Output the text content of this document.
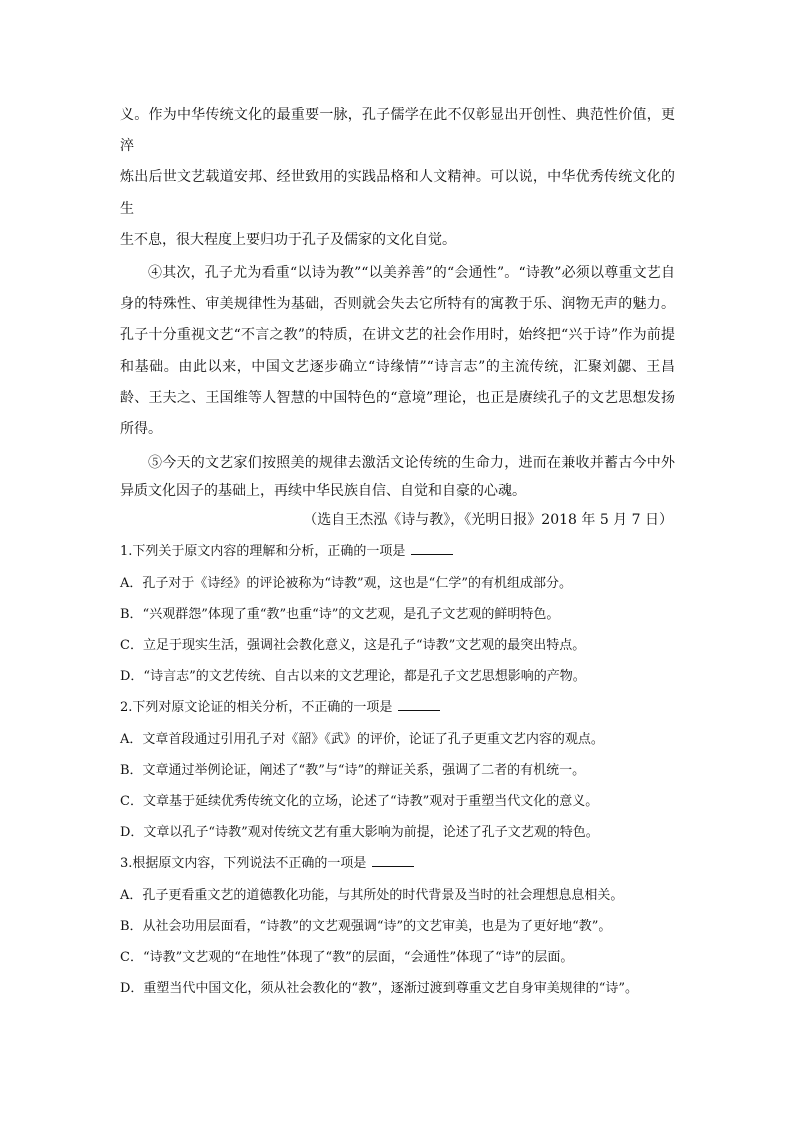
义。作为中华传统文化的最重要一脉，孔子儒学在此不仅彰显出开创性、典范性价值，更淬
炼出后世文艺载道安邦、经世致用的实践品格和人文精神。可以说，中华优秀传统文化的生
生不息，很大程度上要归功于孔子及儒家的文化自觉。

④其次，孔子尤为看重“以诗为教”“以美养善”的“会通性”。“诗教”必须以尊重文艺自身的特殊性、审美规律性为基础，否则就会失去它所特有的寓教于乐、润物无声的魅力。孔子十分重视文艺“不言之教”的特质，在讲文艺的社会作用时，始终把“兴于诗”作为前提和基础。由此以来，中国文艺逐步确立“诗缘情”“诗言志”的主流传统，汇聚刘勰、王昌龄、王夫之、王国维等人智慧的中国特色的“意境”理论，也正是赓续孔子的文艺思想发扬所得。

⑤今天的文艺家们按照美的规律去激活文论传统的生命力，进而在兼收并蓄古今中外异质文化因子的基础上，再续中华民族自信、自觉和自豪的心魂。

（选自王杰泓《诗与教》，《光明日报》2018 年 5 月 7 日）

1.下列关于原文内容的理解和分析，正确的一项是

A．孔子对于《诗经》的评论被称为“诗教”观，这也是“仁学”的有机组成部分。

B．“兴观群怨”体现了重“教”也重“诗”的文艺观，是孔子文艺观的鲜明特色。

C．立足于现实生活，强调社会教化意义，这是孔子“诗教”文艺观的最突出特点。

D．“诗言志”的文艺传统、自古以来的文艺理论，都是孔子文艺思想影响的产物。

2.下列对原文论证的相关分析，不正确的一项是

A．文章首段通过引用孔子对《韶》《武》的评价，论证了孔子更重文艺内容的观点。

B．文章通过举例论证，阐述了“教”与“诗”的辩证关系，强调了二者的有机统一。

C．文章基于延续优秀传统文化的立场，论述了“诗教”观对于重塑当代文化的意义。

D．文章以孔子“诗教”观对传统文艺有重大影响为前提，论述了孔子文艺观的特色。

3.根据原文内容，下列说法不正确的一项是

A．孔子更看重文艺的道德教化功能，与其所处的时代背景及当时的社会理想息息相关。

B．从社会功用层面看，“诗教”的文艺观强调“诗”的文艺审美，也是为了更好地“教”。

C．“诗教”文艺观的“在地性”体现了“教”的层面，“会通性”体现了“诗”的层面。

D．重塑当代中国文化，须从社会教化的“教”，逐渐过渡到尊重文艺自身审美规律的“诗”。
